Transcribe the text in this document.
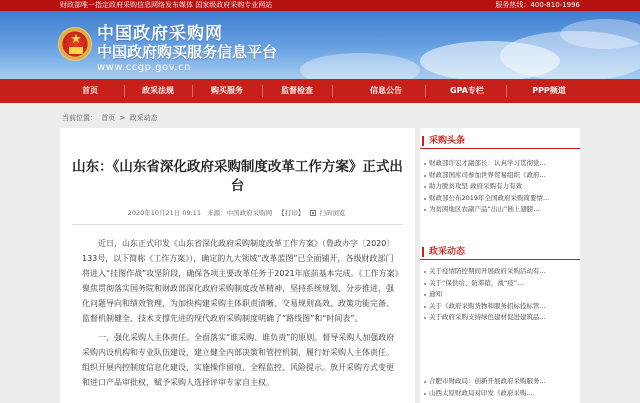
财政部唯一指定政府采购信息网络发布媒体 国家级政府采购专业网站	服务热线：400-810-1996
★ 中国政府采购网
中国政府购买服务信息平台
www.ccgp.gov.cn
首页	政采法规	购买服务	监督检查	信息公告	GPA专栏	PPP频道
当前位置： 首页 > 政采动态
山东：《山东省深化政府采购制度改革工作方案》正式出
台
2020年10月21日 09:11 来源：中国政府采购网 【打印】 扫码浏览

　　近日，山东正式印发《山东省深化政府采购制度改革工作方案》（鲁政办字〔2020〕133号，以下简称《工作方案》），确定的九大领域“改革蓝图”已全面铺开，各级财政部门将进入“挂图作战”攻坚阶段，确保各项主要改革任务于2021年底前基本完成。《工作方案》聚焦贯彻落实国务院和财政部深化政府采购制度改革精神，坚持系统规划、分步推进，强化问题导向和绩效管理，为加快构建采购主体职责清晰、交易规则高效、政策功能完备、监督机制健全、技术支撑先进的现代政府采购制度明确了“路线图”和“时间表”。

　　一、强化采购人主体责任。全面落实“谁采购、谁负责”的原则。督导采购人加强政府采购内设机构和专业队伍建设，建立健全内部决策和管控机制，履行好采购人主体责任。组织开展内控制度信息化建设，实施操作留痕、全程监控、风险提示。放开采购方式变更和进口产品审批权，赋予采购人选择评审专家自主权。

采购头条
财政部许宏才副部长：认真学习贯彻党...
财政部国库司参加世界贸易组织《政府...
助力脱贫攻坚 政府采购有力有效
财政部公布2019年全国政府采购简要情...
为贫困地区农副产品“出山”插上翅膀...
政采动态
关于疫情防控期间开展政府采购活动有...
关于“保供给、防滞销，战“疫”...
通知
关于《政府采购货物和服务招标投标管...
关于政府采购支持绿色建材促进建筑品...
合肥市财政局：创新开展政府采购服务...
山西太原财政局对印发《政府采购...
